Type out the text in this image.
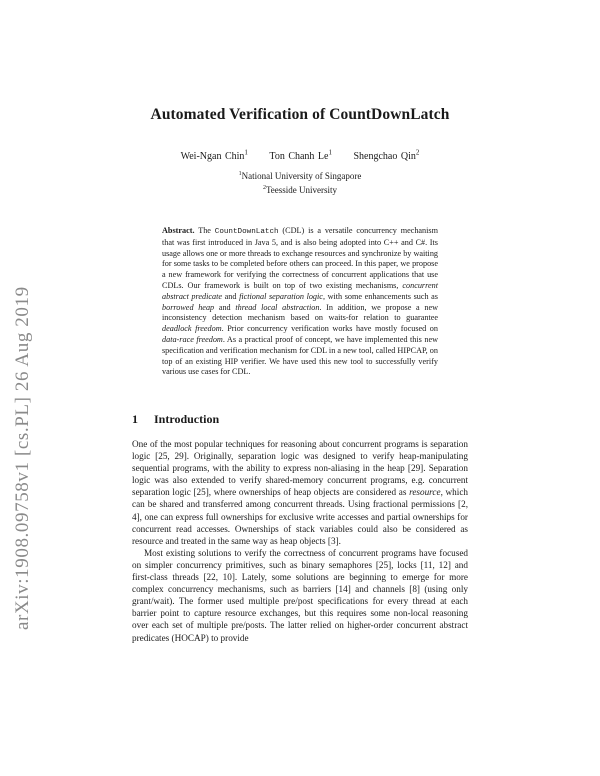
arXiv:1908.09758v1 [cs.PL] 26 Aug 2019
Automated Verification of CountDownLatch
Wei-Ngan Chin$^1$ Ton Chanh Le$^1$ Shengchao Qin$^2$
$^1$National University of Singapore
$^2$Teesside University
Abstract. The CountDownLatch (CDL) is a versatile concurrency mechanism that was first introduced in Java 5, and is also being adopted into C++ and C#. Its usage allows one or more threads to exchange resources and synchronize by waiting for some tasks to be completed before others can proceed. In this paper, we propose a new framework for verifying the correctness of concurrent applications that use CDLs. Our framework is built on top of two existing mechanisms, concurrent abstract predicate and fictional separation logic, with some enhancements such as borrowed heap and thread local abstraction. In addition, we propose a new inconsistency detection mechanism based on waits-for relation to guarantee deadlock freedom. Prior concurrency verification works have mostly focused on data-race freedom. As a practical proof of concept, we have implemented this new specification and verification mechanism for CDL in a new tool, called HIPCAP, on top of an existing HIP verifier. We have used this new tool to successfully verify various use cases for CDL.
1 Introduction

One of the most popular techniques for reasoning about concurrent programs is separation logic [25, 29]. Originally, separation logic was designed to verify heap-manipulating sequential programs, with the ability to express non-aliasing in the heap [29]. Separation logic was also extended to verify shared-memory concurrent programs, e.g. concurrent separation logic [25], where ownerships of heap objects are considered as resource, which can be shared and transferred among concurrent threads. Using fractional permissions [2, 4], one can express full ownerships for exclusive write accesses and partial ownerships for concurrent read accesses. Ownerships of stack variables could also be considered as resource and treated in the same way as heap objects [3].

Most existing solutions to verify the correctness of concurrent programs have focused on simpler concurrency primitives, such as binary semaphores [25], locks [11, 12] and first-class threads [22, 10]. Lately, some solutions are beginning to emerge for more complex concurrency mechanisms, such as barriers [14] and channels [8] (using only grant/wait). The former used multiple pre/post specifications for every thread at each barrier point to capture resource exchanges, but this requires some non-local reasoning over each set of multiple pre/posts. The latter relied on higher-order concurrent abstract predicates (HOCAP) to provide
